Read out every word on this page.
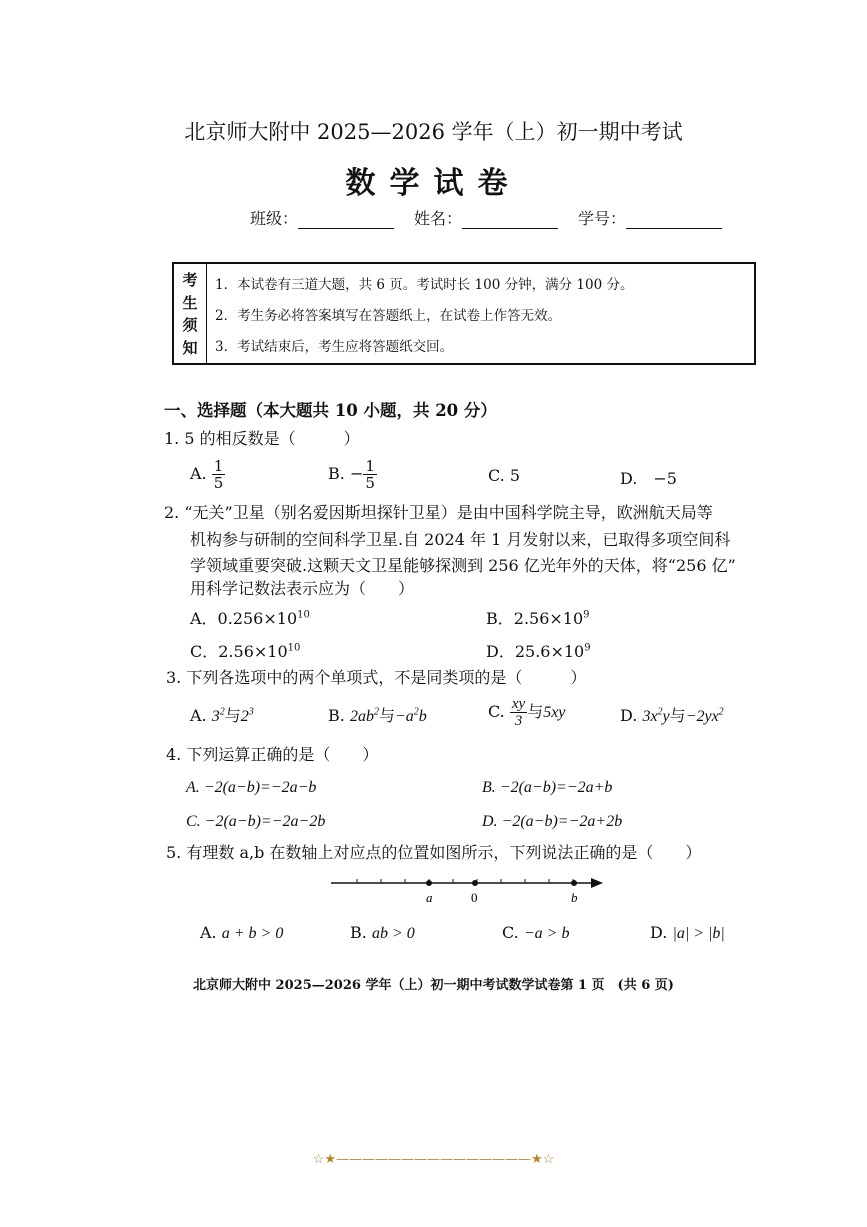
北京师大附中 2025—2026 学年（上）初一期中考试
数学试卷
班级：	姓名：	学号：
考
生
须
知
1．本试卷有三道大题，共 6 页。考试时长 100 分钟，满分 100 分。
2．考生务必将答案填写在答题纸上，在试卷上作答无效。
3．考试结束后，考生应将答题纸交回。
一、选择题（本大题共 10 小题，共 20 分）
1. 5 的相反数是（　　　）
A. $\frac{1}{5}$	B. − $\frac{1}{5}$	C. 5	D.　−5
2. “无关”卫星（别名爱因斯坦探针卫星）是由中国科学院主导，欧洲航天局等
机构参与研制的空间科学卫星.自 2024 年 1 月发射以来，已取得多项空间科
学领域重要突破.这颗天文卫星能够探测到 256 亿光年外的天体，将“256 亿”
用科学记数法表示应为（　　）
A．$0.256\times 10^{10}$	B．$2.56\times 10^9$
C．$2.56\times 10^{10}$	D．$25.6\times 10^9$
3. 下列各选项中的两个单项式，不是同类项的是（　　　）
A. $3^2$与$2^3$	B. $2ab^2$与$-a^2b$	C. $\frac{xy}{3}$ 与5xy	D. $3x^2y$与$-2yx^2$
4. 下列运算正确的是（　　）
A. −2(a−b)=−2a−b	B. −2(a−b)=−2a+b
C. −2(a−b)=−2a−2b	D. −2(a−b)=−2a+2b
5. 有理数 a,b 在数轴上对应点的位置如图所示，下列说法正确的是（　　）
a	0	b
A. a + b > 0	B. ab > 0	C. −a > b	D. |a| > |b|
北京师大附中 2025—2026 学年（上）初一期中考试数学试卷第 1 页　(共 6 页)
☆★———————————————★☆
